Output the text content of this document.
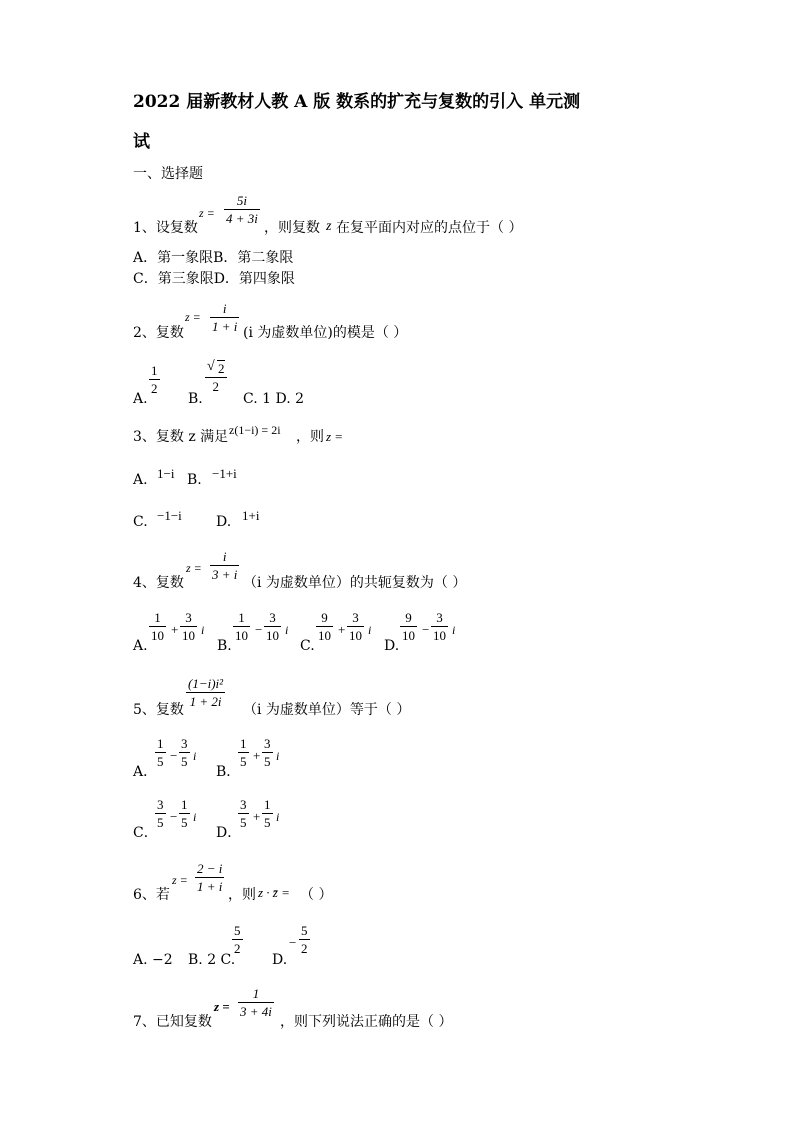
2022 届新教材人教 A 版 数系的扩充与复数的引入 单元测
试
一、选择题
1、设复数
$z = \frac{5i}{4 + 3i}$
，则复数 z 在复平面内对应的点位于（ ）
A．第一象限B．第二象限
C．第三象限D．第四象限
2、复数
$z = \frac{i}{1 + i} (i$ 为虚数单位)的模是（ ）
A.
$\frac{1}{2}$
B.
$\frac{√ 2}{2}$
C. 1 D. 2
3、复数 z 满足 z(1−i) = 2i ，则 z =
A. 1−i B. −1+i
C. −1−i D. 1+i
4、复数
$z = \frac{i}{3 + i}$
（i 为虚数单位）的共轭复数为（ ）
A.
$\frac{1}{10} + \frac{3}{10}$ i
B.
$\frac{1}{10} - \frac{3}{10}$ i
C.
$\frac{9}{10} + \frac{3}{10}$ i
D.
$\frac{9}{10} - \frac{3}{10}$ i
5、复数
$\frac{\text{(1−i)i²}}{1 + 2i}$
（i 为虚数单位）等于（ ）
A．
$\frac{1}{5} - \frac{3}{5}$ i
B．
$\frac{1}{5} + \frac{3}{5}$ i
C．
$\frac{3}{5} - \frac{1}{5}$ i
D．
$\frac{3}{5} + \frac{1}{5}$ i
6、若
$z = \frac{2 - i}{1 + i}$
，则 z · z̄ = （ ）
A. −2 B. 2 C.
$\frac{5}{2}$
D.
− $\frac{5}{2}$
7、已知复数
$z = \frac{1}{3 + 4i}$
，则下列说法正确的是（ ）
